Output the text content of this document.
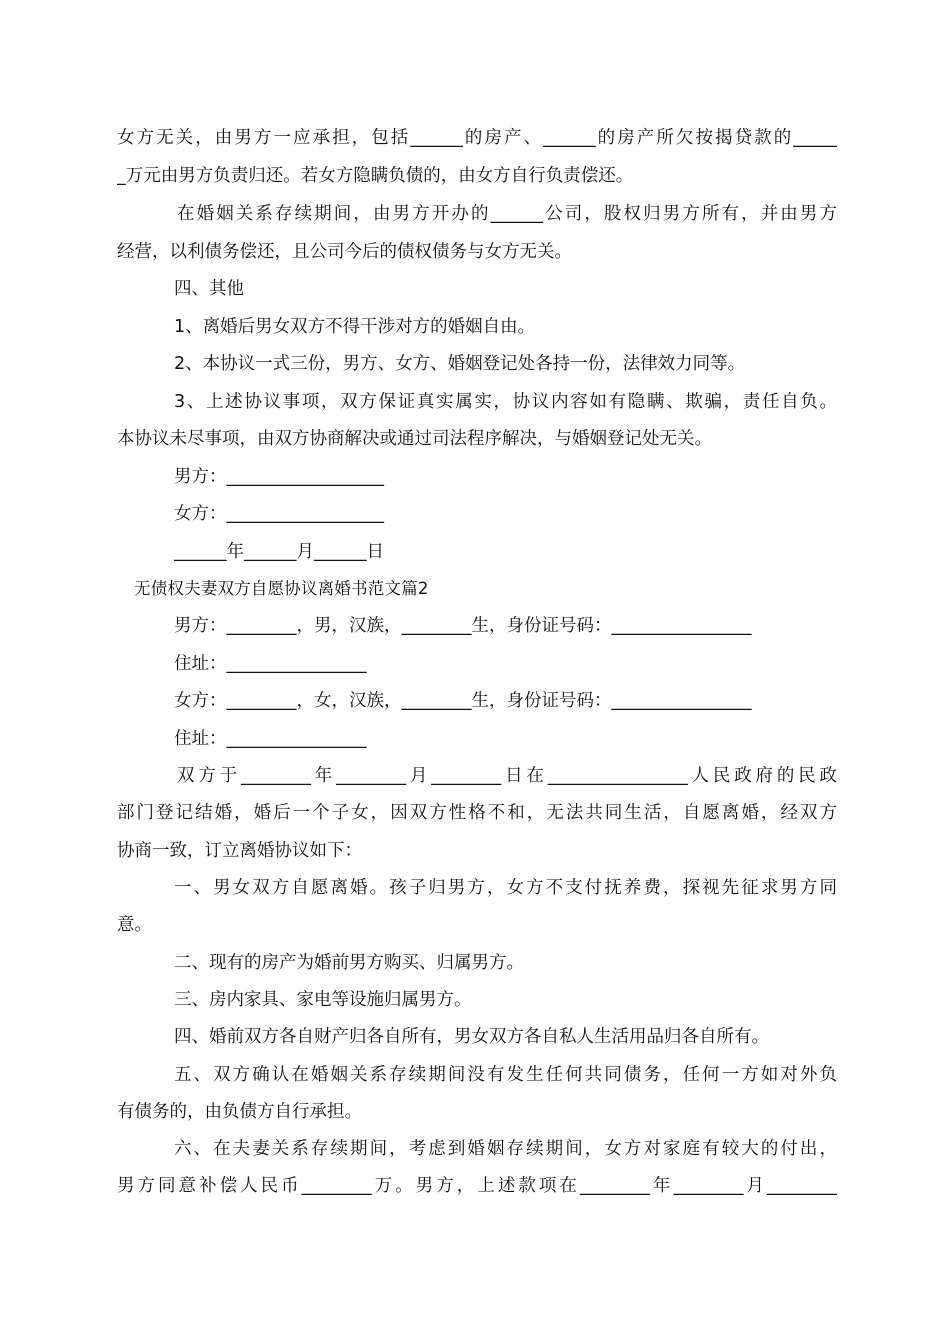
女方无关，由男方一应承担，包括______的房产、______的房产所欠按揭贷款的_____
_万元由男方负责归还。若女方隐瞒负债的，由女方自行负责偿还。
在婚姻关系存续期间，由男方开办的______公司，股权归男方所有，并由男方
经营，以利债务偿还，且公司今后的债权债务与女方无关。
四、其他
1、离婚后男女双方不得干涉对方的婚姻自由。
2、本协议一式三份，男方、女方、婚姻登记处各持一份，法律效力同等。
3、上述协议事项，双方保证真实属实，协议内容如有隐瞒、欺骗，责任自负。
本协议未尽事项，由双方协商解决或通过司法程序解决，与婚姻登记处无关。
男方：__________________
女方：__________________
______年______月______日
无债权夫妻双方自愿协议离婚书范文篇2
男方：________，男，汉族，________生，身份证号码：________________
住址：________________
女方：________，女，汉族，________生，身份证号码：________________
住址：________________
双方于________年________月________日在________________人民政府的民政
部门登记结婚，婚后一个子女，因双方性格不和，无法共同生活，自愿离婚，经双方
协商一致，订立离婚协议如下：
一、男女双方自愿离婚。孩子归男方，女方不支付抚养费，探视先征求男方同
意。
二、现有的房产为婚前男方购买、归属男方。
三、房内家具、家电等设施归属男方。
四、婚前双方各自财产归各自所有，男女双方各自私人生活用品归各自所有。
五、双方确认在婚姻关系存续期间没有发生任何共同债务，任何一方如对外负
有债务的，由负债方自行承担。
六、在夫妻关系存续期间，考虑到婚姻存续期间，女方对家庭有较大的付出，
男方同意补偿人民币________万。男方，上述款项在________年________月________
